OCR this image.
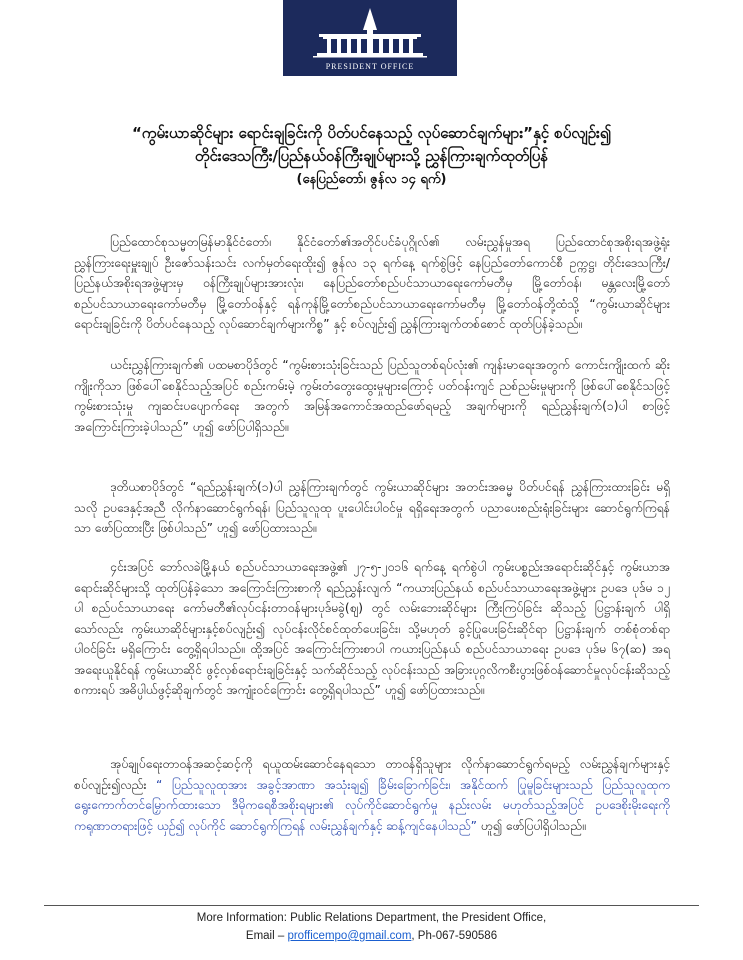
PRESIDENT OFFICE
“ကွမ်းယာဆိုင်များ ရောင်းချခြင်းကို ပိတ်ပင်နေသည့် လုပ်ဆောင်ချက်များ”နှင့် စပ်လျဉ်း၍
တိုင်းဒေသကြီး/ပြည်နယ်ဝန်ကြီးချုပ်များသို့ ညွှန်ကြားချက်ထုတ်ပြန်
(နေပြည်တော်၊ ဇွန်လ ၁၄ ရက်)
ပြည်ထောင်စုသမ္မတမြန်မာနိုင်ငံတော်၊ နိုင်ငံတော်၏အတိုင်ပင်ခံပုဂ္ဂိုလ်၏ လမ်းညွှန်မှုအရ ပြည်ထောင်စုအစိုးရအဖွဲ့ရုံး ညွှန်ကြားရေးမှူးချုပ် ဦးဇော်သန်းသင်း လက်မှတ်ရေးထိုး၍ ဇွန်လ ၁၃ ရက်နေ့ ရက်စွဲဖြင့် နေပြည်တော်ကောင်စီ ဥက္ကဋ္ဌ၊ တိုင်းဒေသကြီး/ပြည်နယ်အစိုးရအဖွဲ့များမှ ဝန်ကြီးချုပ်များအားလုံး၊ နေပြည်တော်စည်ပင်သာယာရေးကော်မတီမှ မြို့တော်ဝန်၊ မန္တလေးမြို့တော်စည်ပင်သာယာရေးကော်မတီမှ မြို့တော်ဝန်နှင့် ရန်ကုန်မြို့တော်စည်ပင်သာယာရေးကော်မတီမှ မြို့တော်ဝန်တို့ထံသို့ “ကွမ်းယာဆိုင်များ ရောင်းချခြင်းကို ပိတ်ပင်နေသည့် လုပ်ဆောင်ချက်များကိစ္စ” နှင့် စပ်လျဉ်း၍ ညွှန်ကြားချက်တစ်စောင် ထုတ်ပြန်ခဲ့သည်။
ယင်းညွှန်ကြားချက်၏ ပထမစာပိုဒ်တွင် “ကွမ်းစားသုံးခြင်းသည် ပြည်သူတစ်ရပ်လုံး၏ ကျန်းမာရေးအတွက် ကောင်းကျိုးထက် ဆိုးကျိုးကိုသာ ဖြစ်ပေါ်စေနိုင်သည့်အပြင် စည်းကမ်းမဲ့ ကွမ်းတံတွေးထွေးမှုများကြောင့် ပတ်ဝန်းကျင် ညစ်ညမ်းမှုများကို ဖြစ်ပေါ်စေနိုင်သဖြင့် ကွမ်းစားသုံးမှု ကျဆင်းပပျောက်ရေး အတွက် အမြန်အကောင်အထည်ဖော်ရမည့် အချက်များကို ရည်ညွှန်းချက်(၁)ပါ စာဖြင့် အကြောင်းကြားခဲ့ပါသည်” ဟူ၍ ဖော်ပြပါရှိသည်။
ဒုတိယစာပိုဒ်တွင် “ရည်ညွှန်းချက်(၁)ပါ ညွှန်ကြားချက်တွင် ကွမ်းယာဆိုင်များ အတင်းအဓမ္မ ပိတ်ပင်ရန် ညွှန်ကြားထားခြင်း မရှိသလို ဥပဒေနှင့်အညီ လိုက်နာဆောင်ရွက်ရန်၊ ပြည်သူလူထု ပူးပေါင်းပါဝင်မှု ရရှိရေးအတွက် ပညာပေးစည်းရုံးခြင်းများ ဆောင်ရွက်ကြရန်သာ ဖော်ပြထားပြီး ဖြစ်ပါသည်” ဟူ၍ ဖော်ပြထားသည်။
၄င်းအပြင် ဘော်လခဲမြို့နယ် စည်ပင်သာယာရေးအဖွဲ့၏ ၂၇-၅-၂၀၁၆ ရက်နေ့ ရက်စွဲပါ ကွမ်းပစ္စည်းအရောင်းဆိုင်နှင့် ကွမ်းယာအရောင်းဆိုင်များသို့ ထုတ်ပြန်ခဲ့သော အကြောင်းကြားစာကို ရည်ညွှန်းလျက် “ကယားပြည်နယ် စည်ပင်သာယာရေးအဖွဲ့များ ဥပဒေ ပုဒ်မ ၁၂ ပါ စည်ပင်သာယာရေး ကော်မတီ၏လုပ်ငန်းတာဝန်များပုဒ်မခွဲ(ဈ) တွင် လမ်းဘေးဆိုင်များ ကြီးကြပ်ခြင်း ဆိုသည့် ပြဋ္ဌာန်းချက် ပါရှိသော်လည်း ကွမ်းယာဆိုင်များနှင့်စပ်လျဉ်း၍ လုပ်ငန်းလိုင်စင်ထုတ်ပေးခြင်း၊ သို့မဟုတ် ခွင့်ပြုပေးခြင်းဆိုင်ရာ ပြဋ္ဌာန်းချက် တစ်စုံတစ်ရာ ပါဝင်ခြင်း မရှိကြောင်း တွေ့ရှိရပါသည်။ ထို့အပြင် အကြောင်းကြားစာပါ ကယားပြည်နယ် စည်ပင်သာယာရေး ဥပဒေ ပုဒ်မ ၆၇(ဆ) အရ အရေးယူနိုင်ရန် ကွမ်းယာဆိုင် ဖွင့်လှစ်ရောင်းချခြင်းနှင့် သက်ဆိုင်သည့် လုပ်ငန်းသည် အခြားပုဂ္ဂလိကစီးပွားဖြစ်ဝန်ဆောင်မှုလုပ်ငန်းဆိုသည့် စကားရပ် အဓိပ္ပါယ်ဖွင့်ဆိုချက်တွင် အကျုံးဝင်ကြောင်း တွေ့ရှိရပါသည်” ဟူ၍ ဖော်ပြထားသည်။
အုပ်ချုပ်ရေးတာဝန်အဆင့်ဆင့်ကို ရယူထမ်းဆောင်နေရသော တာဝန်ရှိသူများ လိုက်နာဆောင်ရွက်ရမည့် လမ်းညွှန်ချက်များနှင့် စပ်လျဉ်း၍လည်း “ ပြည်သူလူထုအား အခွင့်အာဏာ အသုံးချ၍ ခြိမ်းခြောက်ခြင်း၊ အနိုင်ထက် ပြုမူခြင်းများသည် ပြည်သူလူထုက ရွေးကောက်တင်မြှောက်ထားသော ဒီမိုကရေစီအစိုးရများ၏ လုပ်ကိုင်ဆောင်ရွက်မှု နည်းလမ်း မဟုတ်သည့်အပြင် ဥပဒေစိုးမိုးရေးကို ကရုဏာတရားဖြင့် ယှဉ်၍ လုပ်ကိုင် ဆောင်ရွက်ကြရန် လမ်းညွှန်ချက်နှင့် ဆန့်ကျင်နေပါသည်” ဟူ၍ ဖော်ပြပါရှိပါသည်။
More Information: Public Relations Department, the President Office,
Email – profficempo@gmail.com, Ph-067-590586
